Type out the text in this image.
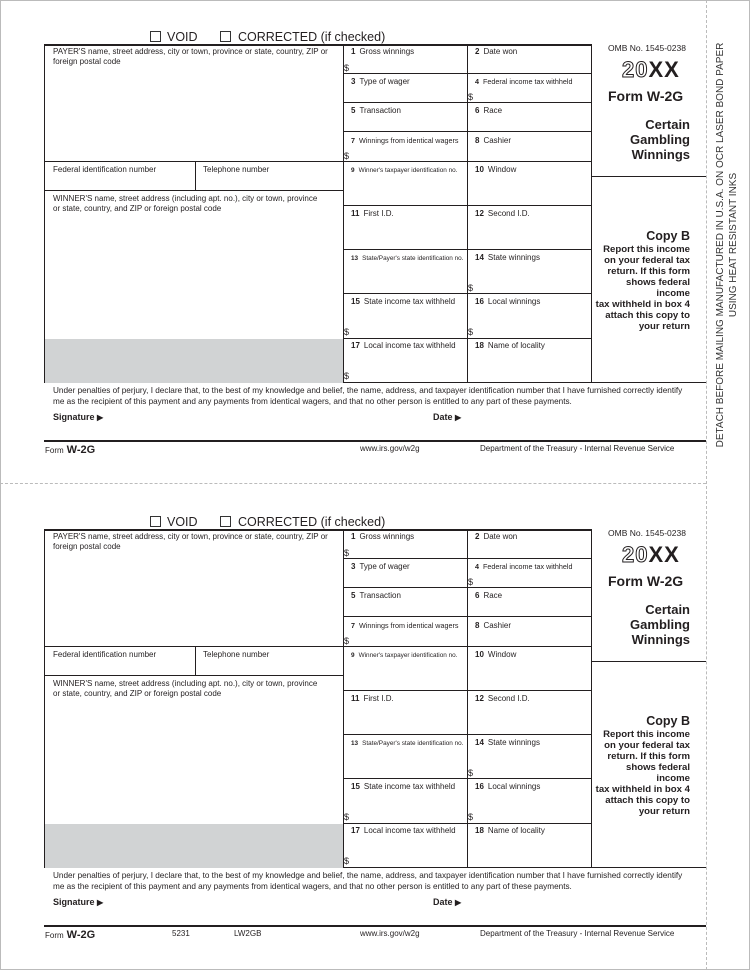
DETACH BEFORE MAILING MANUFACTURED IN U.S.A. ON OCR LASER BOND PAPER USING HEAT RESISTANT INKS
VOID	CORRECTED (if checked)
PAYER'S name, street address, city or town, province or state, country, ZIP or foreign postal code
Federal identification number	Telephone number
WINNER'S name, street address (including apt. no.), city or town, province or state, country, and ZIP or foreign postal code
1 Gross winnings	2 Date won
$
3 Type of wager	4 Federal income tax withheld
$
5 Transaction	6 Race
7 Winnings from identical wagers 8 Cashier
$
9 Winner's taxpayer identification no. 10 Window
11 First I.D.	12 Second I.D.
13 State/Payer's state identification no. 14 State winnings
$
15 State income tax withheld 16 Local winnings
$	$
17 Local income tax withheld 18 Name of locality
$
OMB No. 1545-0238
20XX
Form W-2G
Certain
Gambling
Winnings
Copy B
Report this income
on your federal tax
return. If this form
shows federal
income
tax withheld in box 4
attach this copy to
your return
Under penalties of perjury, I declare that, to the best of my knowledge and belief, the name, address, and taxpayer identification number that I have furnished correctly identify me as the recipient of this payment and any payments from identical wagers, and that no other person is entitled to any part of these payments.
Signature ▶	Date ▶
Form W-2G	www.irs.gov/w2g	Department of the Treasury - Internal Revenue Service
VOID	CORRECTED (if checked)
PAYER'S name, street address, city or town, province or state, country, ZIP or foreign postal code
Federal identification number	Telephone number
WINNER'S name, street address (including apt. no.), city or town, province or state, country, and ZIP or foreign postal code
1 Gross winnings	2 Date won
$
3 Type of wager	4 Federal income tax withheld
$
5 Transaction	6 Race
7 Winnings from identical wagers 8 Cashier
$
9 Winner's taxpayer identification no. 10 Window
11 First I.D.	12 Second I.D.
13 State/Payer's state identification no. 14 State winnings
$
15 State income tax withheld 16 Local winnings
$	$
17 Local income tax withheld 18 Name of locality
$
OMB No. 1545-0238
20XX
Form W-2G
Certain
Gambling
Winnings
Copy B
Report this income
on your federal tax
return. If this form
shows federal
income
tax withheld in box 4
attach this copy to
your return
Under penalties of perjury, I declare that, to the best of my knowledge and belief, the name, address, and taxpayer identification number that I have furnished correctly identify me as the recipient of this payment and any payments from identical wagers, and that no other person is entitled to any part of these payments.
Signature ▶	Date ▶
Form W-2G	5231	LW2GB	www.irs.gov/w2g	Department of the Treasury - Internal Revenue Service
